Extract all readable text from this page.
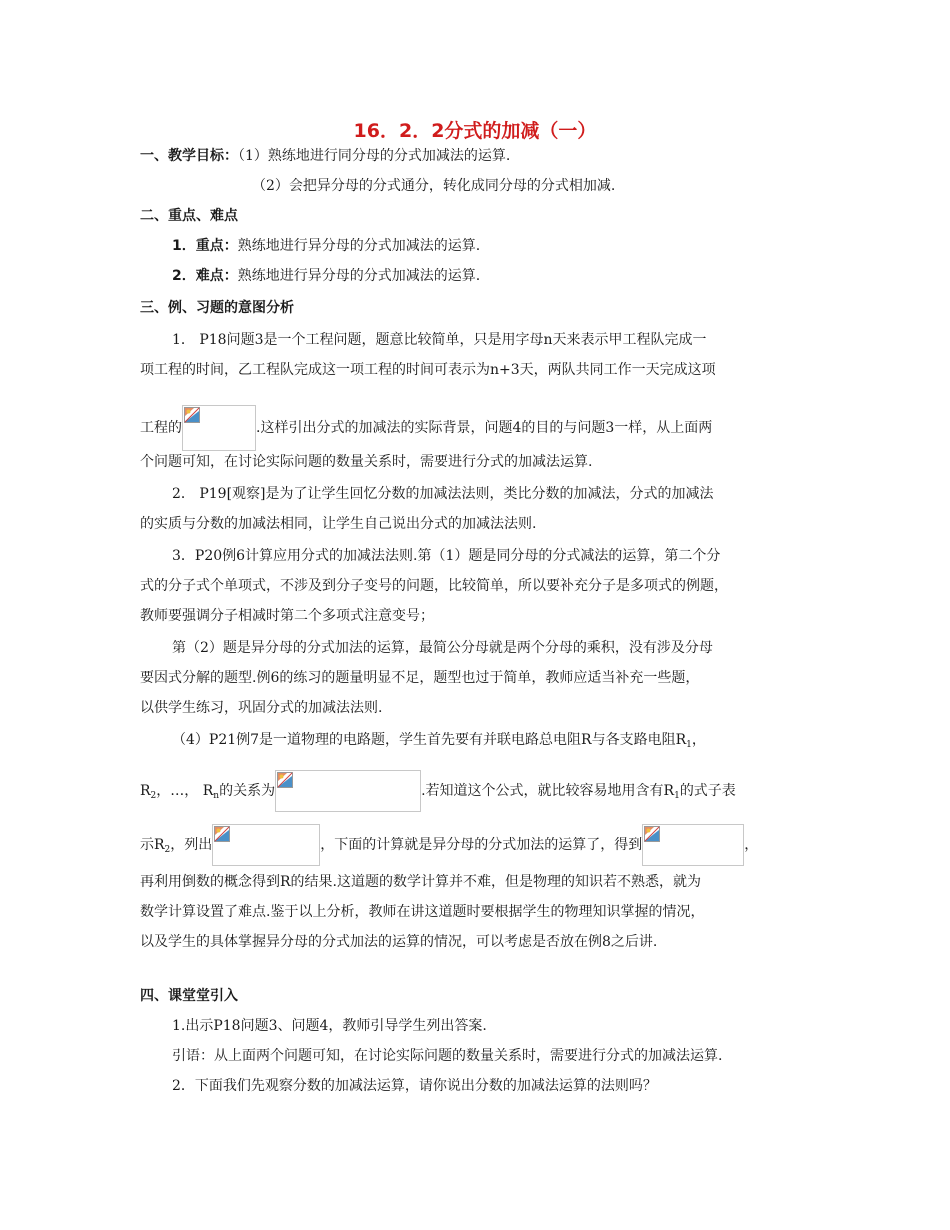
16．2．2分式的加减（一）
一、教学目标：（1）熟练地进行同分母的分式加减法的运算.
（2）会把异分母的分式通分，转化成同分母的分式相加减.
二、重点、难点
1．重点：熟练地进行异分母的分式加减法的运算.
2．难点：熟练地进行异分母的分式加减法的运算.
三、例、习题的意图分析
1． P18问题3是一个工程问题，题意比较简单，只是用字母n天来表示甲工程队完成一
项工程的时间，乙工程队完成这一项工程的时间可表示为n+3天，两队共同工作一天完成这项
工程的	.这样引出分式的加减法的实际背景，问题4的目的与问题3一样，从上面两
个问题可知，在讨论实际问题的数量关系时，需要进行分式的加减法运算.
2． P19[观察]是为了让学生回忆分数的加减法法则，类比分数的加减法，分式的加减法
的实质与分数的加减法相同，让学生自己说出分式的加减法法则.
3．P20例6计算应用分式的加减法法则.第（1）题是同分母的分式减法的运算，第二个分
式的分子式个单项式，不涉及到分子变号的问题，比较简单，所以要补充分子是多项式的例题，
教师要强调分子相减时第二个多项式注意变号；
第（2）题是异分母的分式加法的运算，最简公分母就是两个分母的乘积，没有涉及分母
要因式分解的题型.例6的练习的题量明显不足，题型也过于简单，教师应适当补充一些题，
以供学生练习，巩固分式的加减法法则.
（4）P21例7是一道物理的电路题，学生首先要有并联电路总电阻R与各支路电阻$R_1$，
$R_2$，…， $R_n$的关系为	.若知道这个公式，就比较容易地用含有$R_1$的式子表
示$R_2$，列出	，下面的计算就是异分母的分式加法的运算了，得到	，
再利用倒数的概念得到R的结果.这道题的数学计算并不难，但是物理的知识若不熟悉，就为
数学计算设置了难点.鉴于以上分析，教师在讲这道题时要根据学生的物理知识掌握的情况，
以及学生的具体掌握异分母的分式加法的运算的情况，可以考虑是否放在例8之后讲.
四、课堂堂引入
1.出示P18问题3、问题4，教师引导学生列出答案.
引语：从上面两个问题可知，在讨论实际问题的数量关系时，需要进行分式的加减法运算.
2．下面我们先观察分数的加减法运算，请你说出分数的加减法运算的法则吗？
